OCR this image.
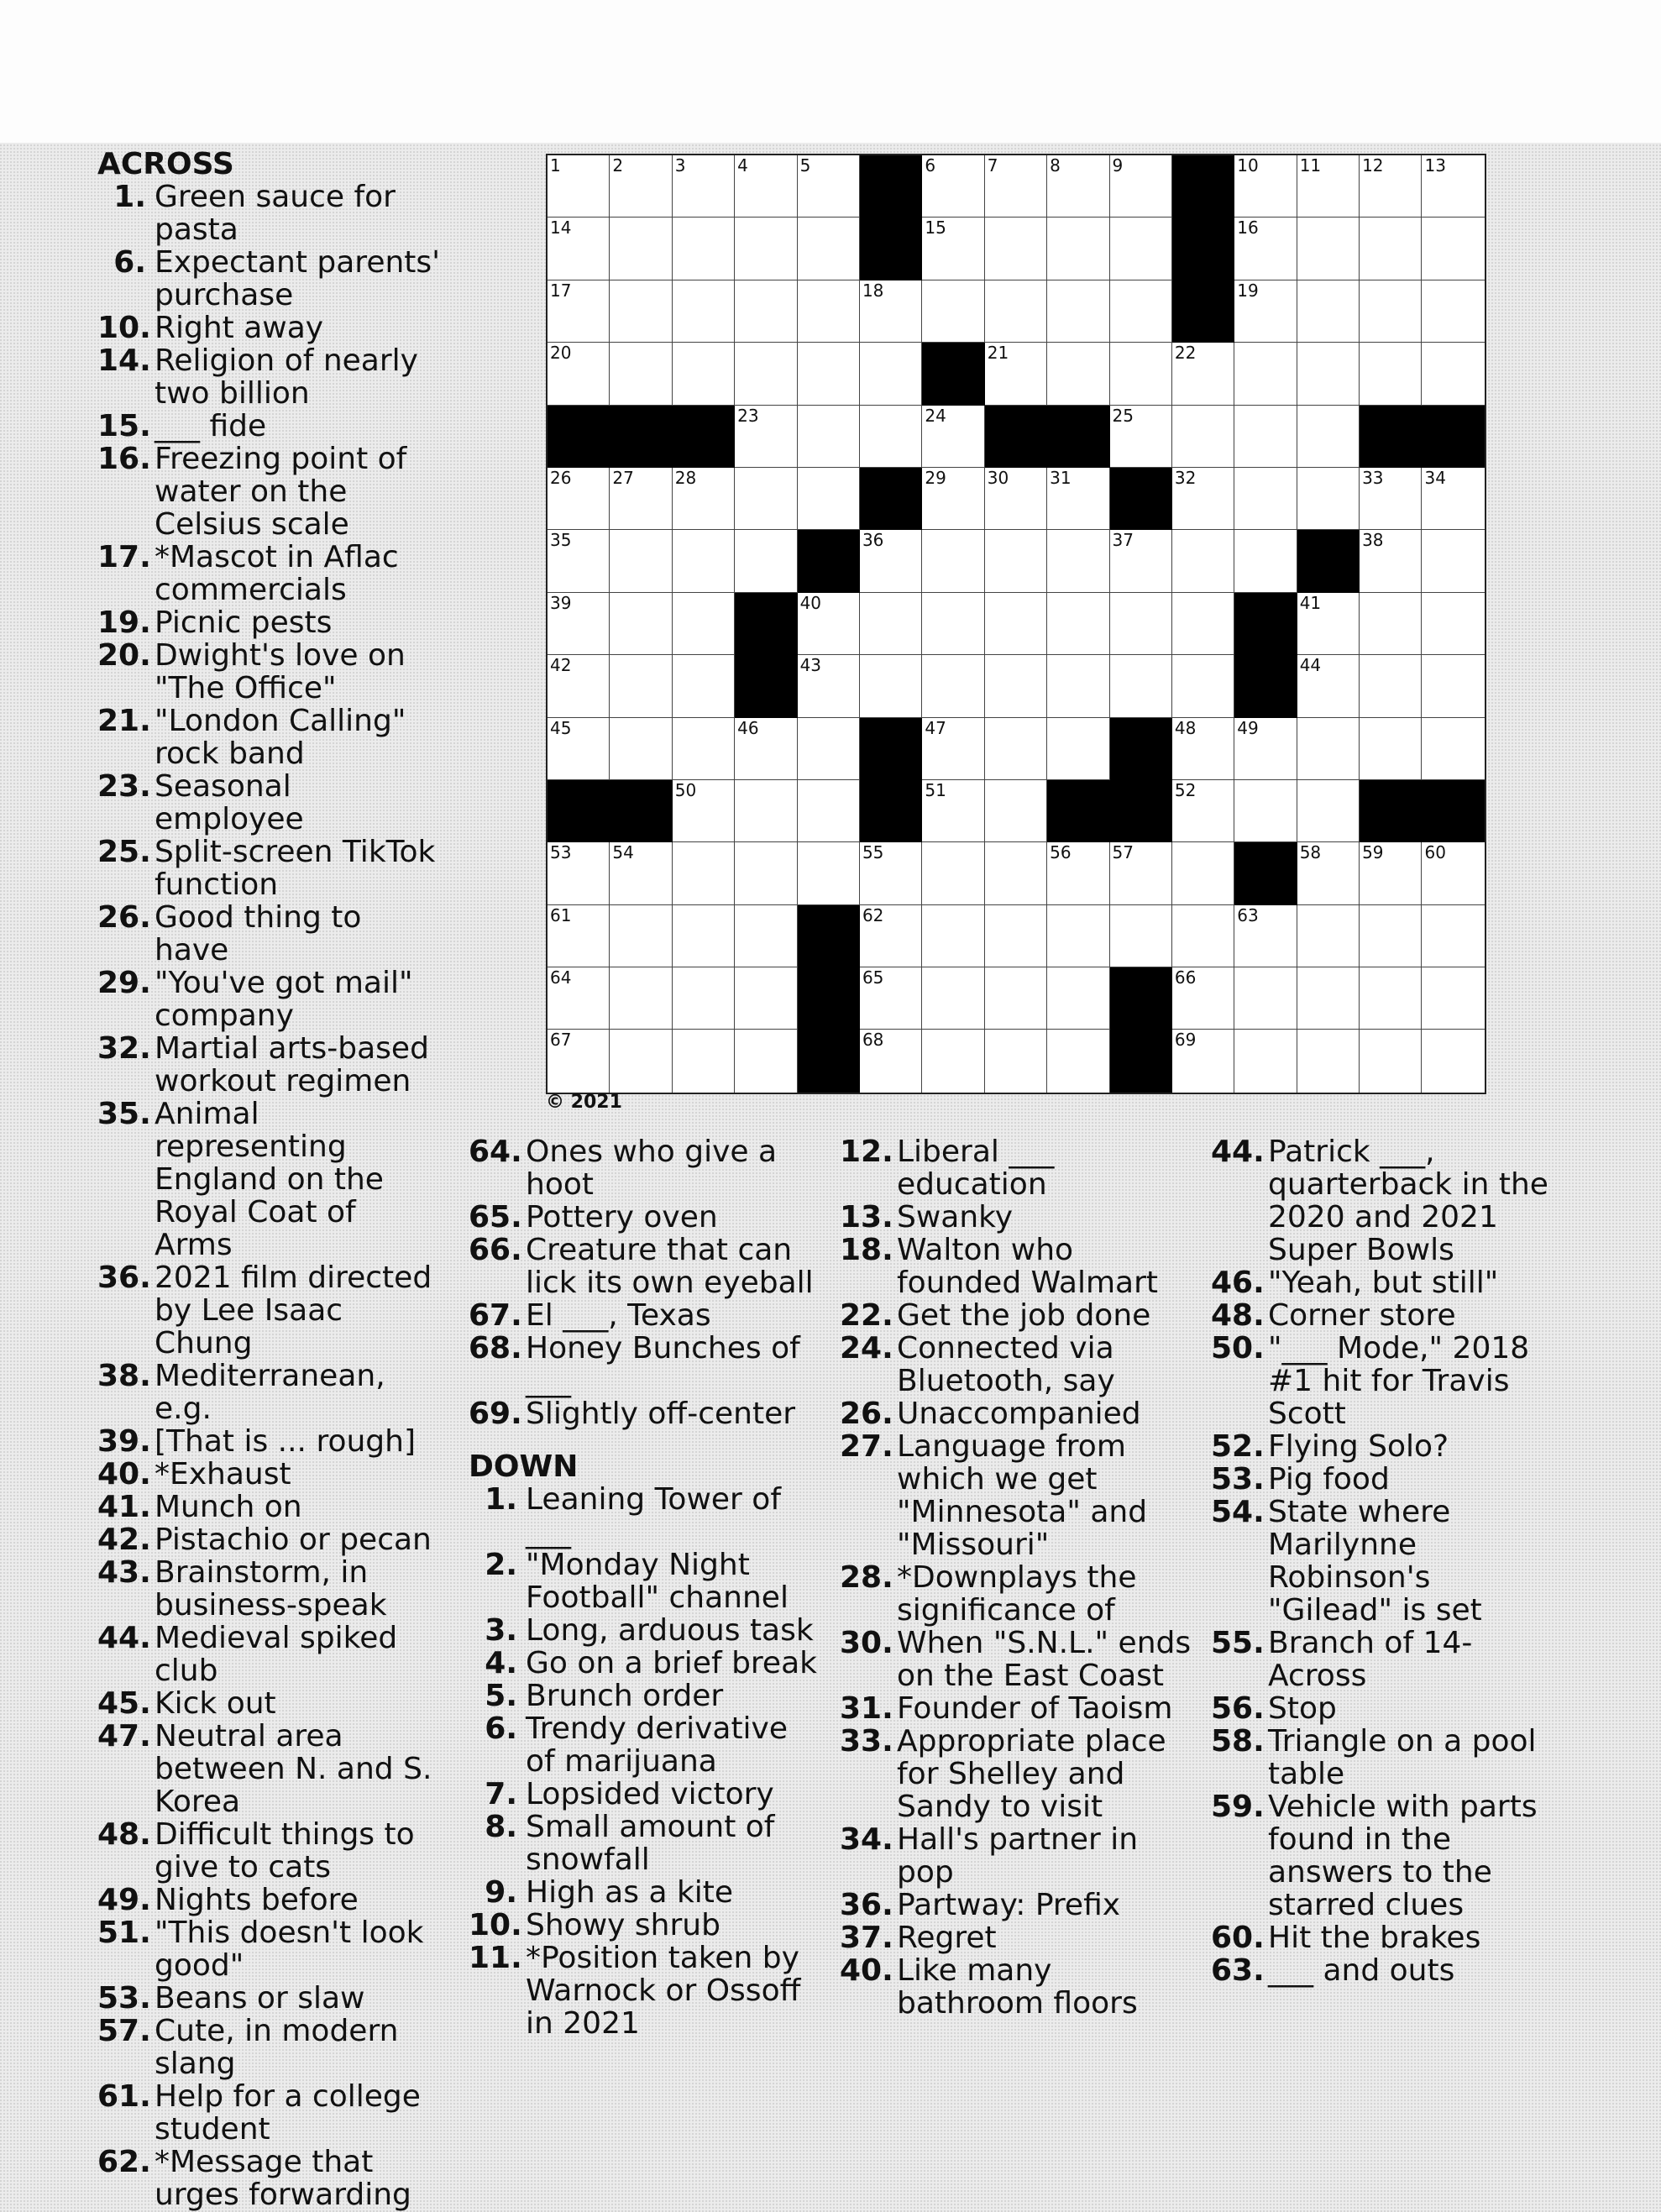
ACROSS
1. Green sauce for pasta
6. Expectant parents' purchase
10. Right away
14. Religion of nearly two billion
15. ___ fide
16. Freezing point of water on the Celsius scale
17. *Mascot in Aflac commercials
19. Picnic pests
20. Dwight's love on "The Office"
21. "London Calling" rock band
23. Seasonal employee
25. Split-screen TikTok function
26. Good thing to have
29. "You've got mail" company
32. Martial arts-based workout regimen
35. Animal representing England on the Royal Coat of Arms
36. 2021 film directed by Lee Isaac Chung
38. Mediterranean, e.g.
39. [That is ... rough]
40. *Exhaust
41. Munch on
42. Pistachio or pecan
43. Brainstorm, in business-speak
44. Medieval spiked club
45. Kick out
47. Neutral area between N. and S. Korea
48. Difficult things to give to cats
49. Nights before
51. "This doesn't look good"
53. Beans or slaw
57. Cute, in modern slang
61. Help for a college student
62. *Message that urges forwarding
64. Ones who give a hoot
65. Pottery oven
66. Creature that can lick its own eyeball
67. El ___, Texas
68. Honey Bunches of ___
69. Slightly off-center
DOWN
1. Leaning Tower of ___
2. "Monday Night Football" channel
3. Long, arduous task
4. Go on a brief break
5. Brunch order
6. Trendy derivative of marijuana
7. Lopsided victory
8. Small amount of snowfall
9. High as a kite
10. Showy shrub
11. *Position taken by Warnock or Ossoff in 2021
12. Liberal ___ education
13. Swanky
18. Walton who founded Walmart
22. Get the job done
24. Connected via Bluetooth, say
26. Unaccompanied
27. Language from which we get "Minnesota" and "Missouri"
28. *Downplays the significance of
30. When "S.N.L." ends on the East Coast
31. Founder of Taoism
33. Appropriate place for Shelley and Sandy to visit
34. Hall's partner in pop
36. Partway: Prefix
37. Regret
40. Like many bathroom floors
44. Patrick ___, quarterback in the 2020 and 2021 Super Bowls
46. "Yeah, but still"
48. Corner store
50. "___ Mode," 2018 #1 hit for Travis Scott
52. Flying Solo?
53. Pig food
54. State where Marilynne Robinson's "Gilead" is set
55. Branch of 14-Across
56. Stop
58. Triangle on a pool table
59. Vehicle with parts found in the answers to the starred clues
60. Hit the brakes
63. ___ and outs
1	2	3	4	5	6	7	8	9	10 11 12 13
14	15	16
17	18	19
20	21	22
23	24	25
26 27 28	29 30 31	32	33 34
35	36	37	38
39	40	41
42	43	44
45	46	47	48 49
50	51	52
53 54	55	56 57	58 59 60
61	62	63
64	65	66
67	68	69
© 2021
